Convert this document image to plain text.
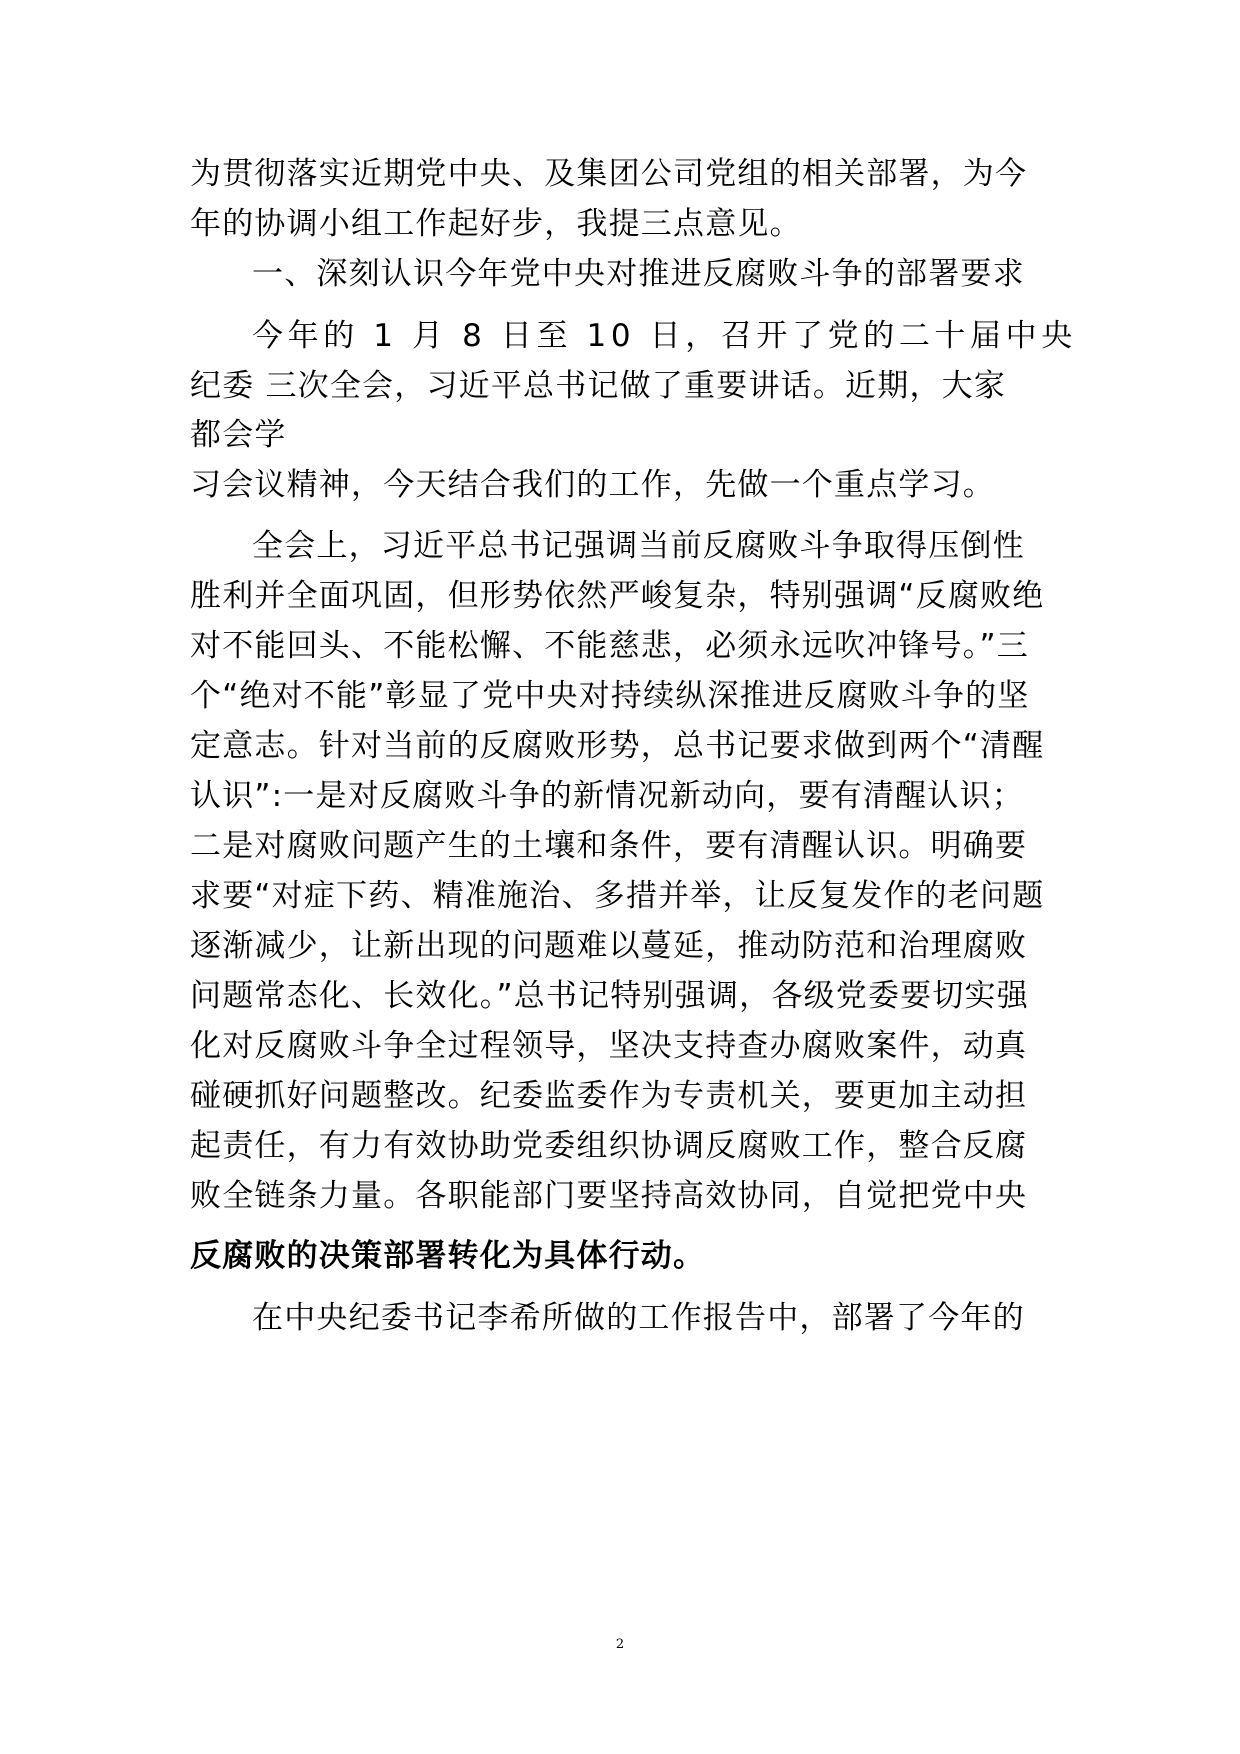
为贯彻落实近期党中央、及集团公司党组的相关部署，为今
年的协调小组工作起好步，我提三点意见。
一、深刻认识今年党中央对推进反腐败斗争的部署要求
今年的 1 月 8 日至 10 日，召开了党的二十届中央
纪委 三次全会，习近平总书记做了重要讲话。近期，大家
都会学
习会议精神，今天结合我们的工作，先做一个重点学习。
全会上，习近平总书记强调当前反腐败斗争取得压倒性
胜利并全面巩固，但形势依然严峻复杂，特别强调“反腐败绝
对不能回头、不能松懈、不能慈悲，必须永远吹冲锋号。”三
个“绝对不能”彰显了党中央对持续纵深推进反腐败斗争的坚
定意志。针对当前的反腐败形势，总书记要求做到两个“清醒
认识”:一是对反腐败斗争的新情况新动向，要有清醒认识；
二是对腐败问题产生的土壤和条件，要有清醒认识。明确要
求要“对症下药、精准施治、多措并举，让反复发作的老问题
逐渐减少，让新出现的问题难以蔓延，推动防范和治理腐败
问题常态化、长效化。”总书记特别强调，各级党委要切实强
化对反腐败斗争全过程领导，坚决支持查办腐败案件，动真
碰硬抓好问题整改。纪委监委作为专责机关，要更加主动担
起责任，有力有效协助党委组织协调反腐败工作，整合反腐
败全链条力量。各职能部门要坚持高效协同，自觉把党中央
反腐败的决策部署转化为具体行动。
在中央纪委书记李希所做的工作报告中，部署了今年的
2
